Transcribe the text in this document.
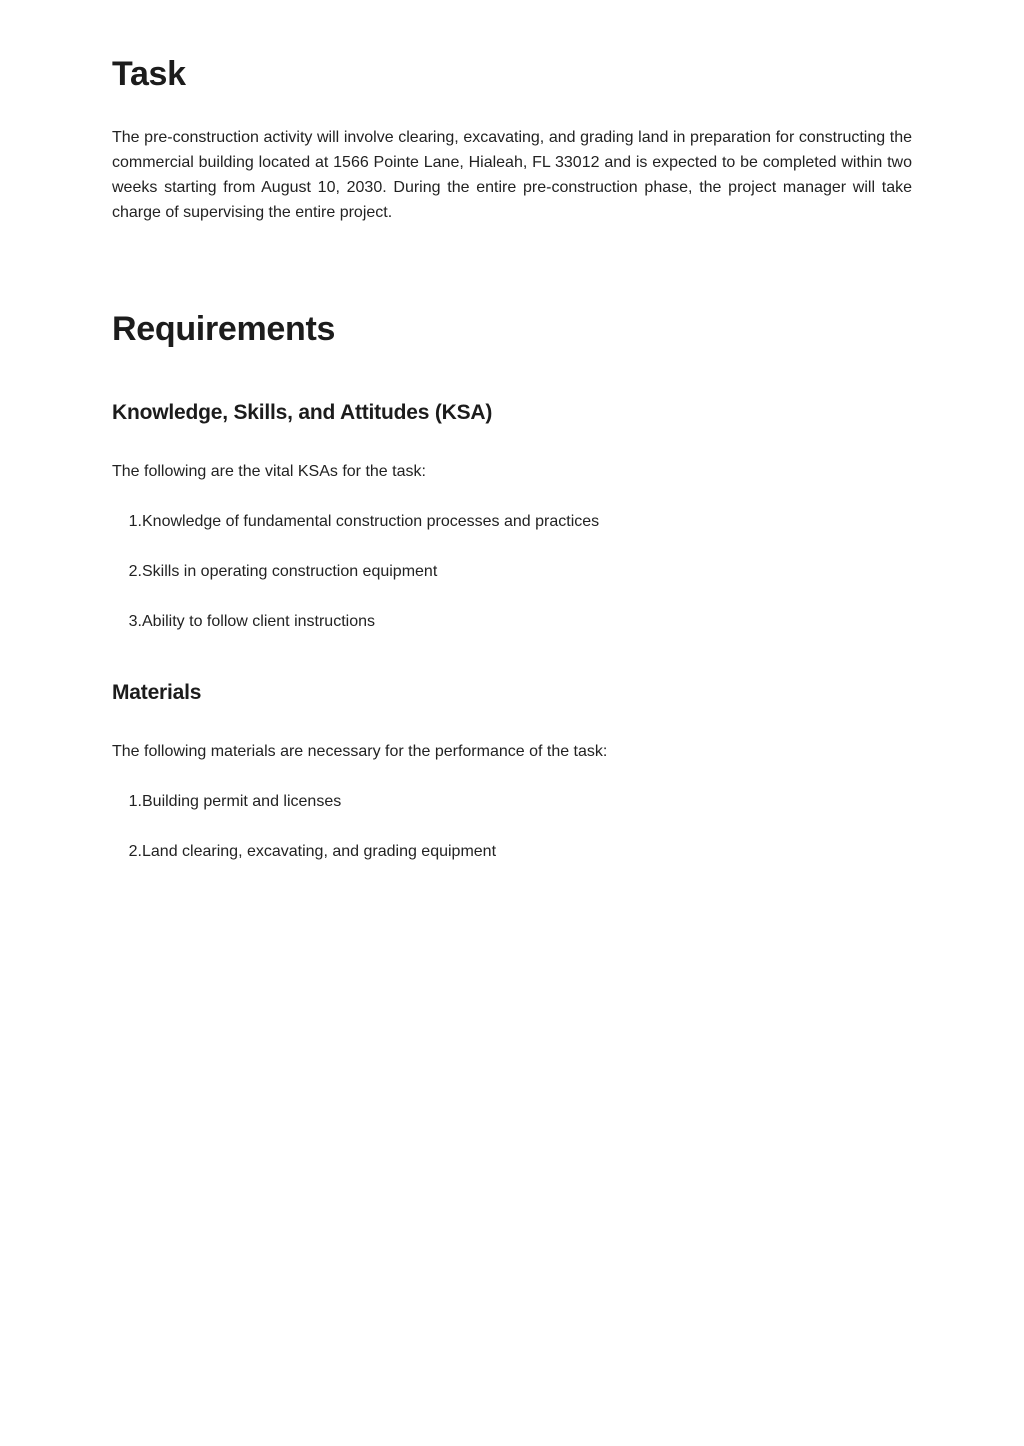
Task

The pre-construction activity will involve clearing, excavating, and grading land in preparation for constructing the commercial building located at 1566 Pointe Lane, Hialeah, FL 33012 and is expected to be completed within two weeks starting from August 10, 2030. During the entire pre-construction phase, the project manager will take charge of supervising the entire project.

Requirements
Knowledge, Skills, and Attitudes (KSA)

The following are the vital KSAs for the task:

1.Knowledge of fundamental construction processes and practices
2.Skills in operating construction equipment
3.Ability to follow client instructions
Materials

The following materials are necessary for the performance of the task:

1.Building permit and licenses
2.Land clearing, excavating, and grading equipment
